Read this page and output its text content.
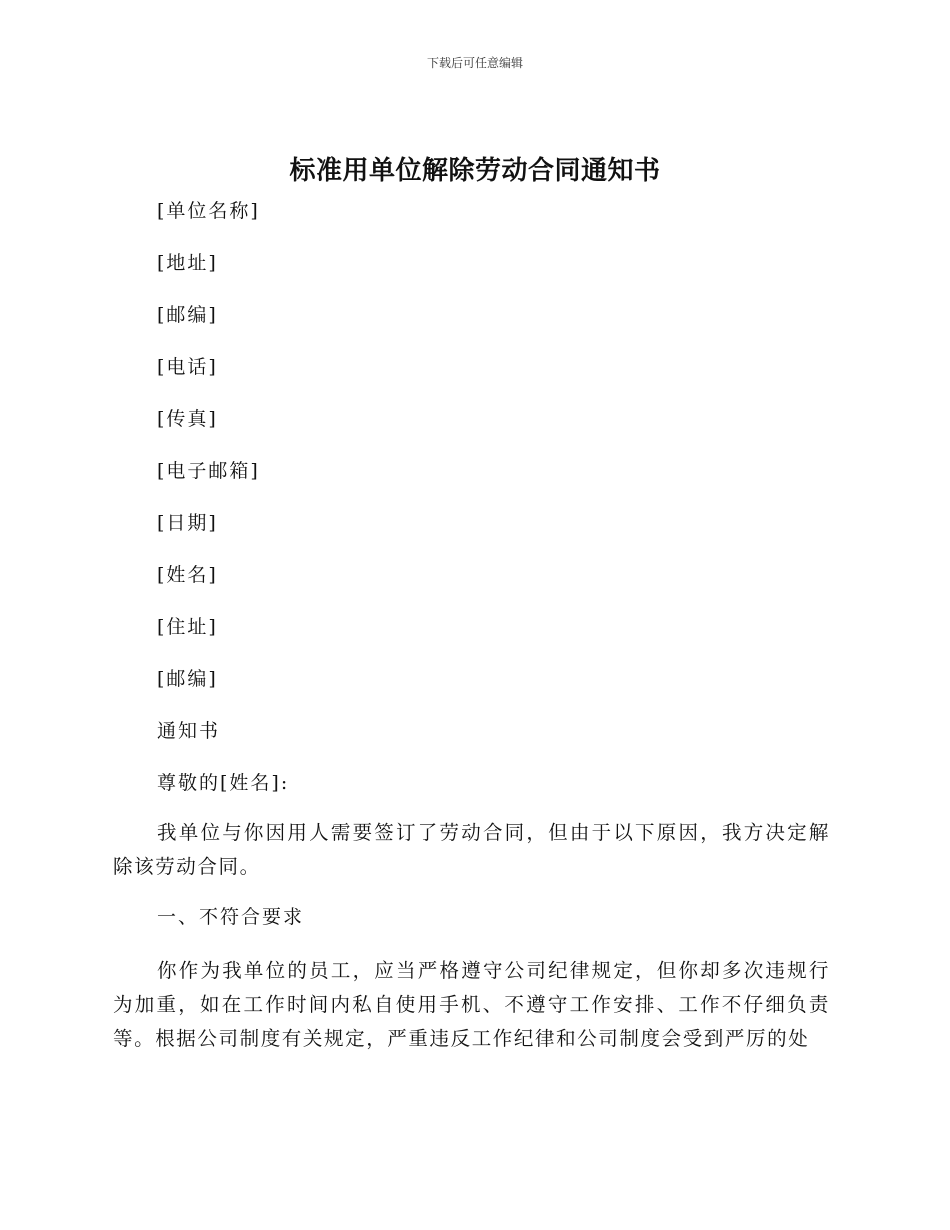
下载后可任意编辑
标准用单位解除劳动合同通知书
[单位名称]
[地址]
[邮编]
[电话]
[传真]
[电子邮箱]
[日期]
[姓名]
[住址]
[邮编]
通知书
尊敬的[姓名]:

我单位与你因用人需要签订了劳动合同，但由于以下原因，我方决定解除该劳动合同。

一、不符合要求

你作为我单位的员工，应当严格遵守公司纪律规定，但你却多次违规行为加重，如在工作时间内私自使用手机、不遵守工作安排、工作不仔细负责等。根据公司制度有关规定，严重违反工作纪律和公司制度会受到严厉的处
